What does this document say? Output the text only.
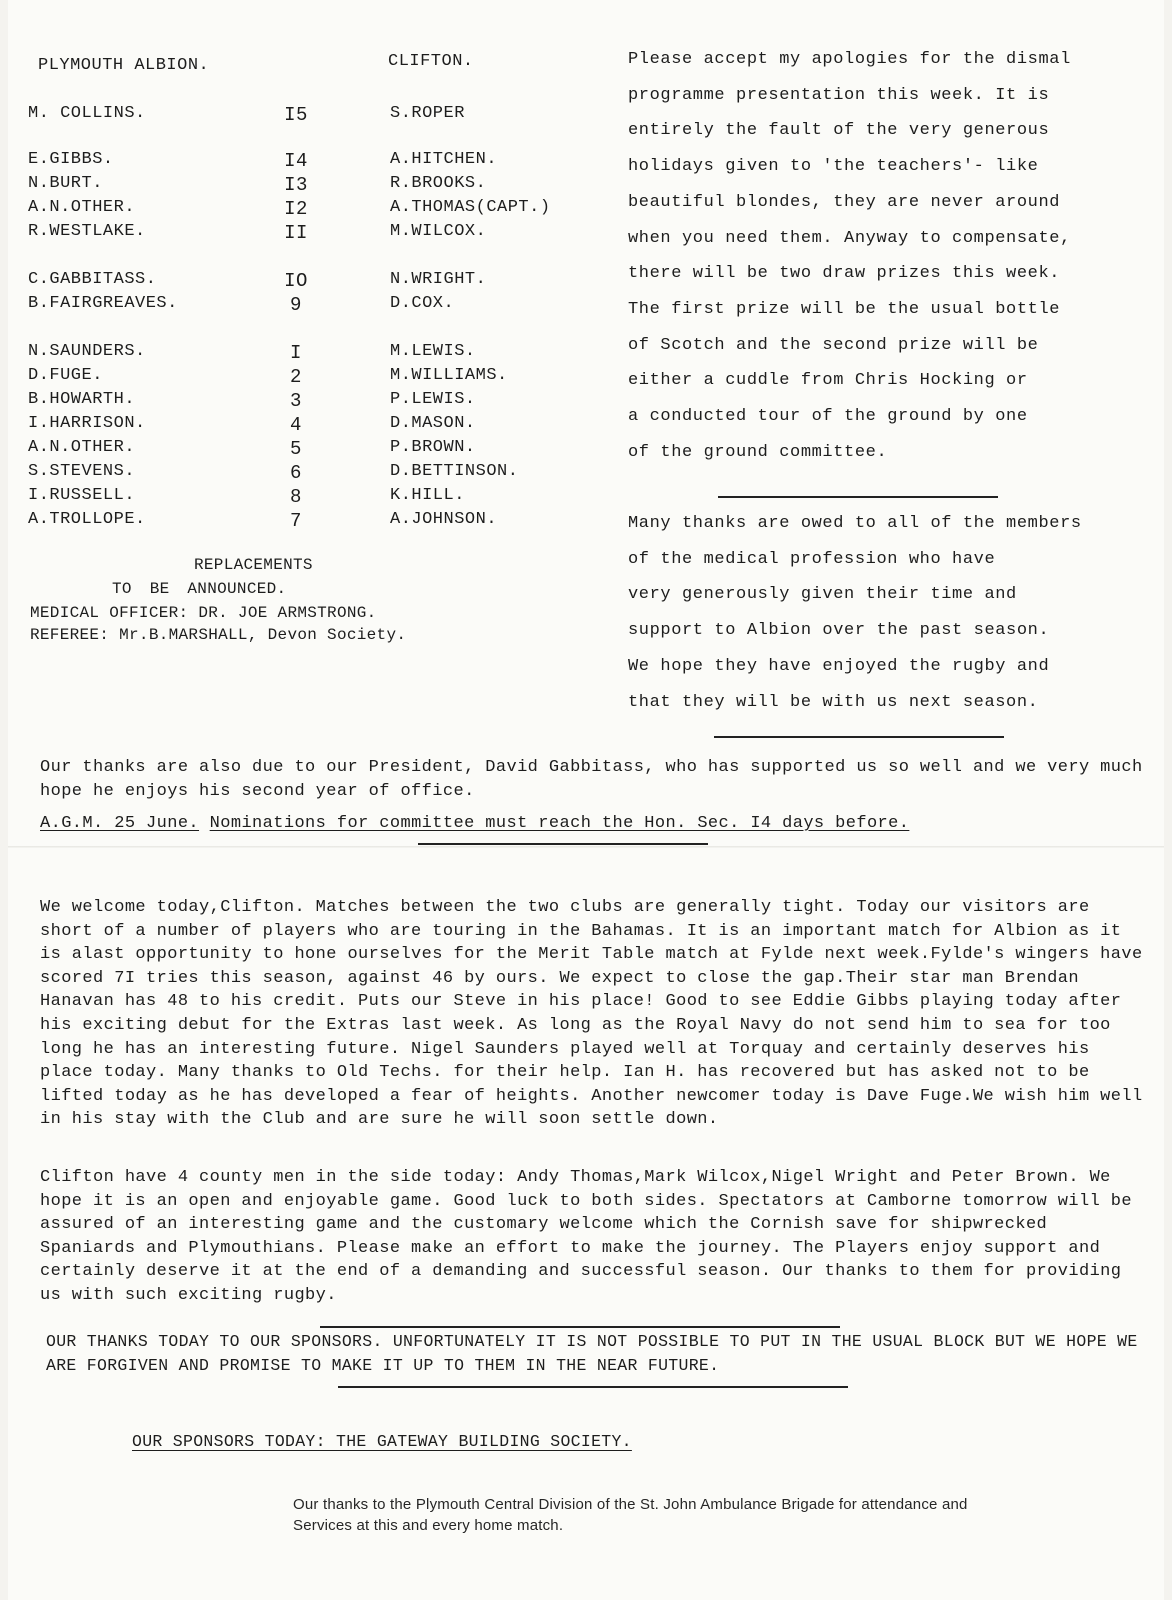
PLYMOUTH ALBION.	CLIFTON.
M. COLLINS.	I5	S.ROPER
E.GIBBS.	I4	A.HITCHEN.
N.BURT.	I3	R.BROOKS.
A.N.OTHER.	I2	A.THOMAS(CAPT.)
R.WESTLAKE.	II	M.WILCOX.
C.GABBITASS.	IO	N.WRIGHT.
B.FAIRGREAVES.	9	D.COX.
N.SAUNDERS.	I	M.LEWIS.
D.FUGE.	2	M.WILLIAMS.
B.HOWARTH.	3	P.LEWIS.
I.HARRISON.	4	D.MASON.
A.N.OTHER.	5	P.BROWN.
S.STEVENS.	6	D.BETTINSON.
I.RUSSELL.	8	K.HILL.
A.TROLLOPE.	7	A.JOHNSON.
REPLACEMENTS
TO BE ANNOUNCED.
MEDICAL OFFICER: DR. JOE ARMSTRONG.
REFEREE: Mr.B.MARSHALL, Devon Society.

Please accept my apologies for the dismal
programme presentation this week. It is
entirely the fault of the very generous
holidays given to 'the teachers'- like
beautiful blondes, they are never around
when you need them. Anyway to compensate,
there will be two draw prizes this week.
The first prize will be the usual bottle
of Scotch and the second prize will be
either a cuddle from Chris Hocking or
a conducted tour of the ground by one
of the ground committee.

Many thanks are owed to all of the members
of the medical profession who have
very generously given their time and
support to Albion over the past season.
We hope they have enjoyed the rugby and
that they will be with us next season.

Our thanks are also due to our President, David Gabbitass, who has supported us so well and we very much hope he enjoys his second year of office.

A.G.M. 25 June. Nominations for committee must reach the Hon. Sec. I4 days before.

We welcome today,Clifton. Matches between the two clubs are generally tight. Today our visitors are short of a number of players who are touring in the Bahamas. It is an important match for Albion as it is alast opportunity to hone ourselves for the Merit Table match at Fylde next week.Fylde's wingers have scored 7I tries this season, against 46 by ours. We expect to close the gap.Their star man Brendan Hanavan has 48 to his credit. Puts our Steve in his place! Good to see Eddie Gibbs playing today after his exciting debut for the Extras last week. As long as the Royal Navy do not send him to sea for too long he has an interesting future. Nigel Saunders played well at Torquay and certainly deserves his place today. Many thanks to Old Techs. for their help. Ian H. has recovered but has asked not to be lifted today as he has developed a fear of heights. Another newcomer today is Dave Fuge.We wish him well in his stay with the Club and are sure he will soon settle down.

Clifton have 4 county men in the side today: Andy Thomas,Mark Wilcox,Nigel Wright and Peter Brown. We hope it is an open and enjoyable game. Good luck to both sides. Spectators at Camborne tomorrow will be assured of an interesting game and the customary welcome which the Cornish save for shipwrecked Spaniards and Plymouthians. Please make an effort to make the journey. The Players enjoy support and certainly deserve it at the end of a demanding and successful season. Our thanks to them for providing us with such exciting rugby.

OUR THANKS TODAY TO OUR SPONSORS. UNFORTUNATELY IT IS NOT POSSIBLE TO PUT IN THE USUAL BLOCK BUT WE HOPE WE ARE FORGIVEN AND PROMISE TO MAKE IT UP TO THEM IN THE NEAR FUTURE.

OUR SPONSORS TODAY: THE GATEWAY BUILDING SOCIETY.
Our thanks to the Plymouth Central Division of the St. John Ambulance Brigade for attendance and Services at this and every home match.
